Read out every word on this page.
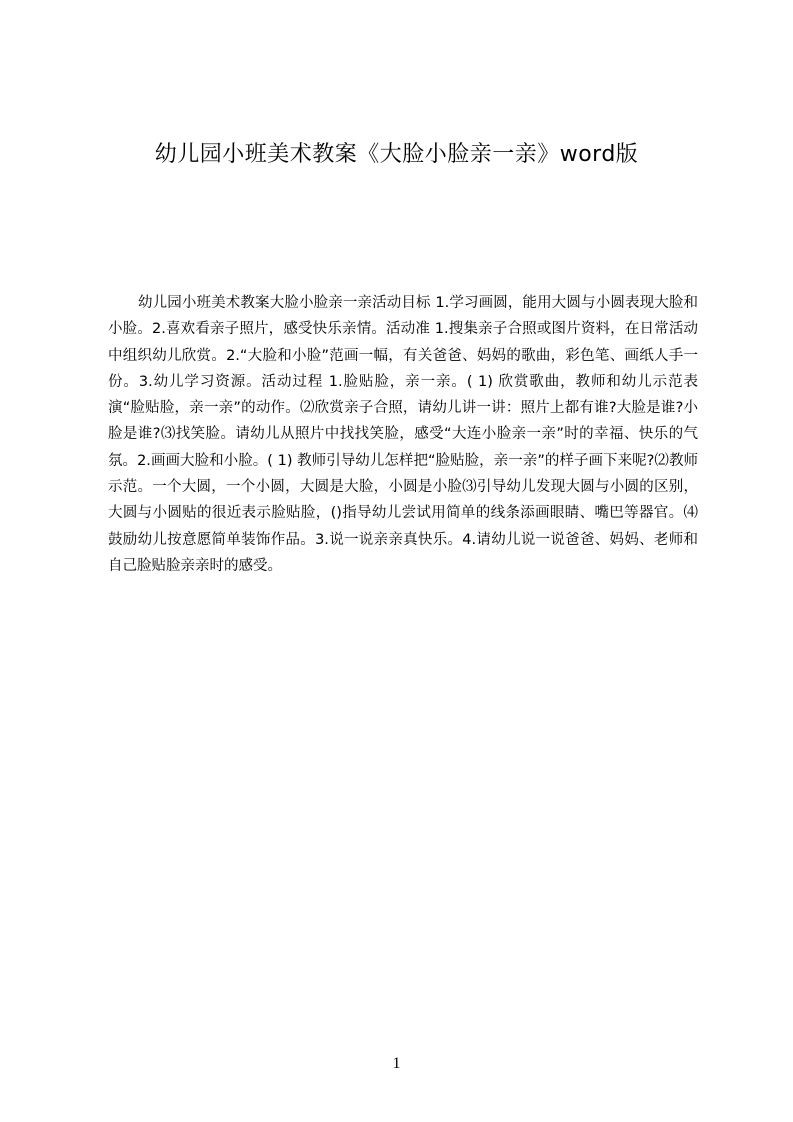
幼儿园小班美术教案《大脸小脸亲一亲》word版
幼儿园小班美术教案大脸小脸亲一亲活动目标 1.学习画圆，能用大圆与小圆表现大脸和小脸。2.喜欢看亲子照片，感受快乐亲情。活动准 1.搜集亲子合照或图片资料，在日常活动中组织幼儿欣赏。2.“大脸和小脸”范画一幅，有关爸爸、妈妈的歌曲，彩色笔、画纸人手一份。3.幼儿学习资源。活动过程 1.脸贴脸，亲一亲。( 1) 欣赏歌曲，教师和幼儿示范表演“脸贴脸，亲一亲”的动作。⑵欣赏亲子合照，请幼儿讲一讲：照片上都有谁?大脸是谁?小脸是谁?⑶找笑脸。请幼儿从照片中找找笑脸，感受“大连小脸亲一亲”时的幸福、快乐的气氛。2.画画大脸和小脸。( 1) 教师引导幼儿怎样把“脸贴脸，亲一亲”的样子画下来呢?⑵教师示范。一个大圆，一个小圆，大圆是大脸，小圆是小脸⑶引导幼儿发现大圆与小圆的区别，大圆与小圆贴的很近表示脸贴脸，()指导幼儿尝试用简单的线条添画眼睛、嘴巴等器官。⑷鼓励幼儿按意愿简单装饰作品。3.说一说亲亲真快乐。4.请幼儿说一说爸爸、妈妈、老师和自己脸贴脸亲亲时的感受。
1
